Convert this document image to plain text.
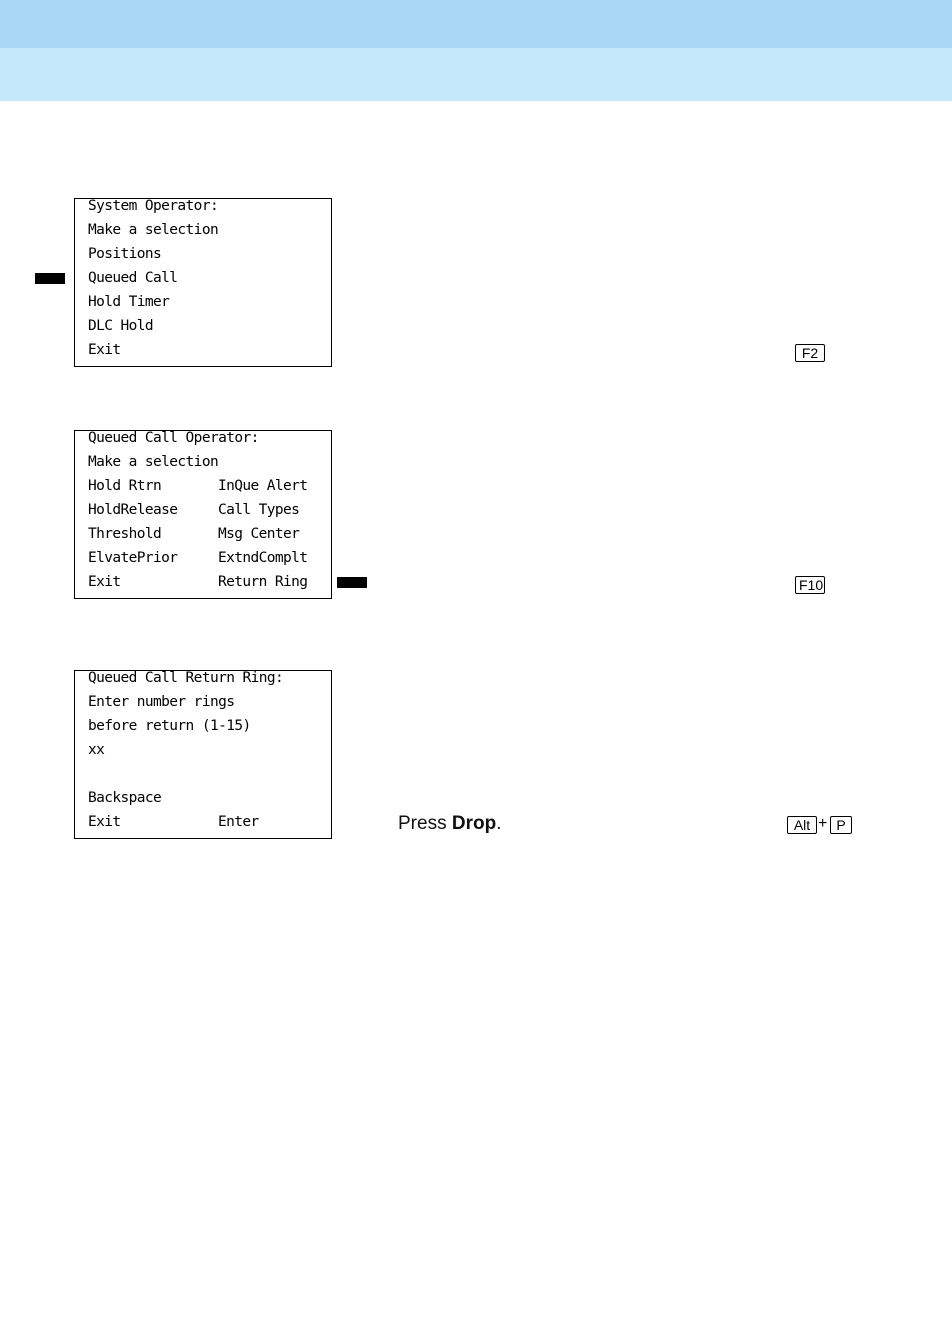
System Operator:
Make a selection
Positions
Queued Call
Hold Timer
DLC Hold
Exit	F2
Queued Call Operator:
Make a selection
Hold Rtrn	InQue Alert
HoldRelease	Call Types
Threshold	Msg Center
ElvatePrior	ExtndComplt
Exit	Return Ring	F10
Queued Call Return Ring:
Enter number rings
before return (1-15)
xx
Backspace
Exit	Enter	Press Drop.	Alt + P
